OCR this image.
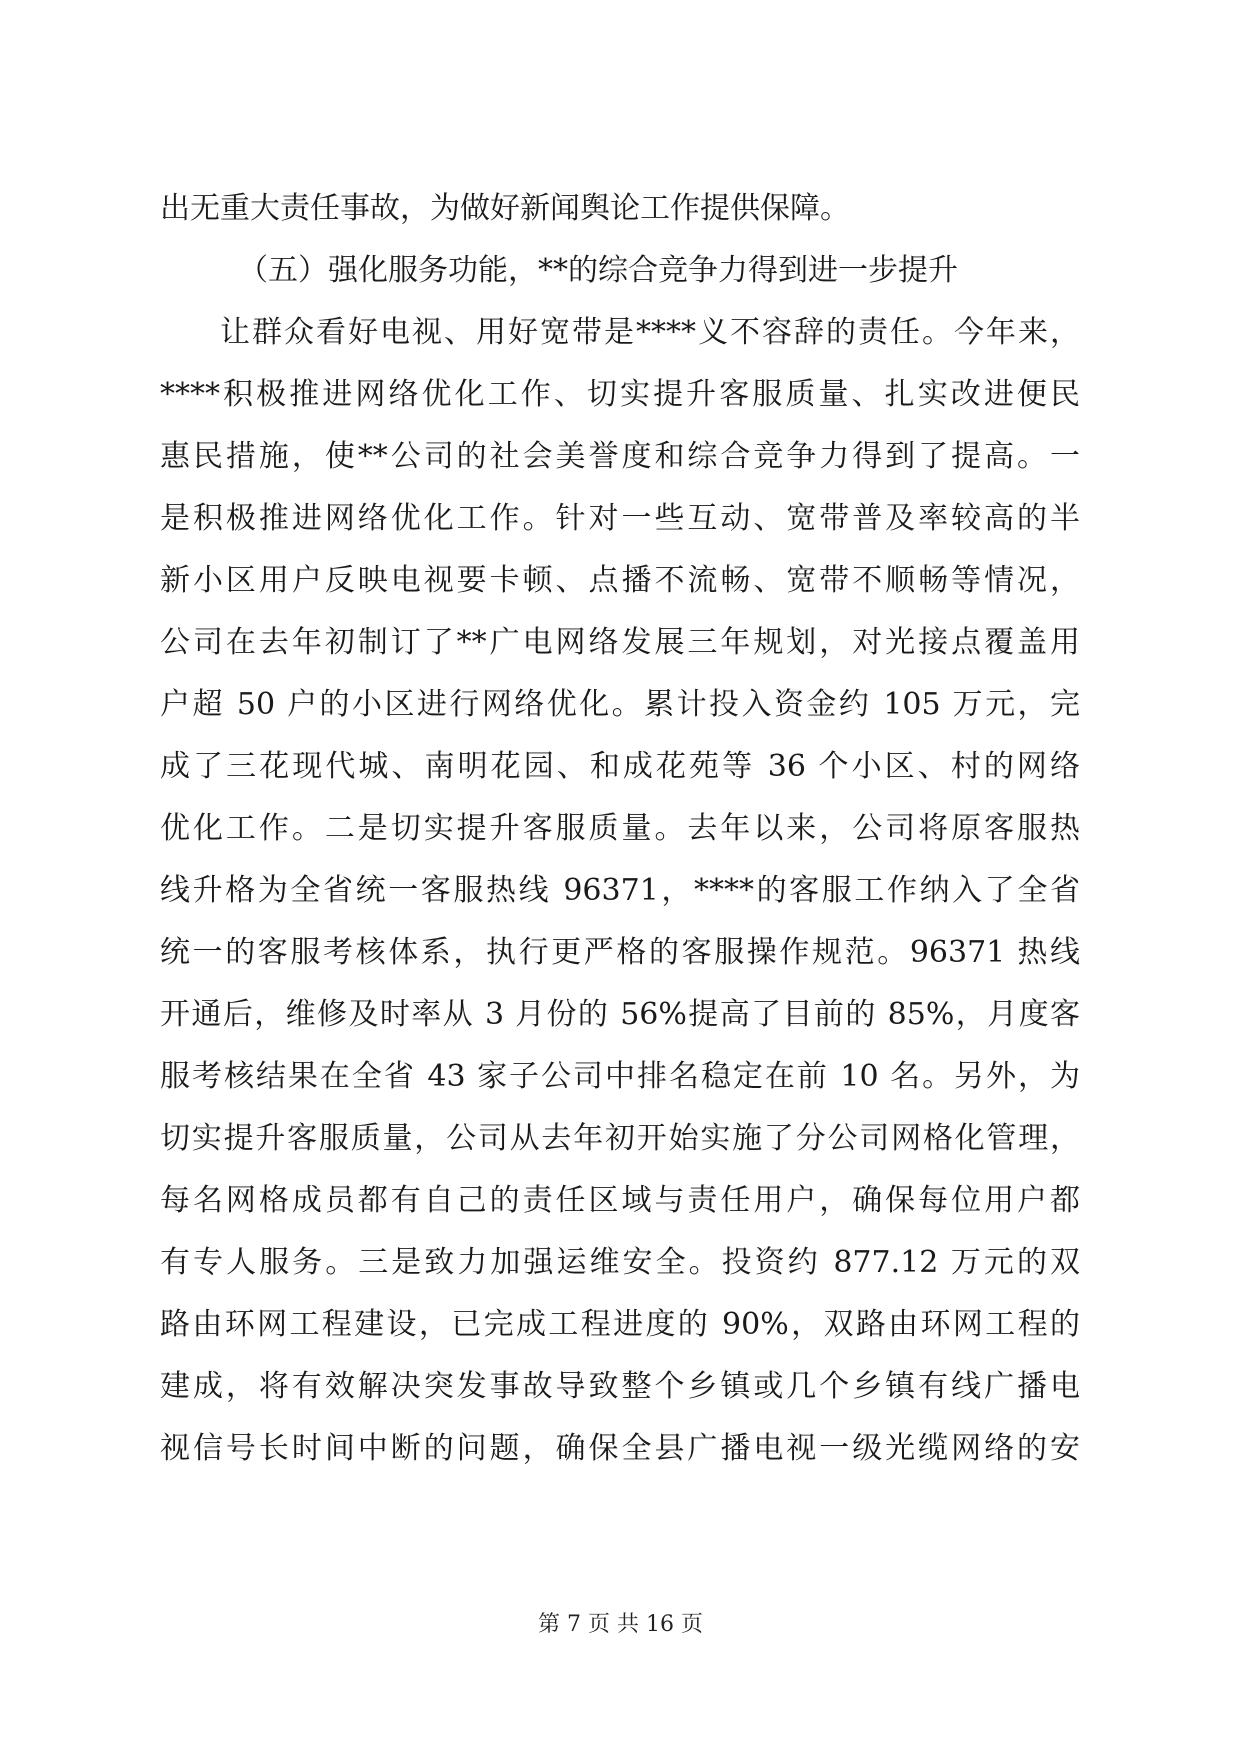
出无重大责任事故，为做好新闻舆论工作提供保障。
（五）强化服务功能，**的综合竞争力得到进一步提升
让群众看好电视、用好宽带是****义不容辞的责任。今年来，
****积极推进网络优化工作、切实提升客服质量、扎实改进便民
惠民措施，使**公司的社会美誉度和综合竞争力得到了提高。一
是积极推进网络优化工作。针对一些互动、宽带普及率较高的半
新小区用户反映电视要卡顿、点播不流畅、宽带不顺畅等情况，
公司在去年初制订了**广电网络发展三年规划，对光接点覆盖用
户超 50 户的小区进行网络优化。累计投入资金约 105 万元，完
成了三花现代城、南明花园、和成花苑等 36 个小区、村的网络
优化工作。二是切实提升客服质量。去年以来，公司将原客服热
线升格为全省统一客服热线 96371，****的客服工作纳入了全省
统一的客服考核体系，执行更严格的客服操作规范。96371 热线
开通后，维修及时率从 3 月份的 56%提高了目前的 85%，月度客
服考核结果在全省 43 家子公司中排名稳定在前 10 名。另外，为
切实提升客服质量，公司从去年初开始实施了分公司网格化管理，
每名网格成员都有自己的责任区域与责任用户，确保每位用户都
有专人服务。三是致力加强运维安全。投资约 877.12 万元的双
路由环网工程建设，已完成工程进度的 90%，双路由环网工程的
建成，将有效解决突发事故导致整个乡镇或几个乡镇有线广播电
视信号长时间中断的问题，确保全县广播电视一级光缆网络的安
第 7 页 共 16 页
